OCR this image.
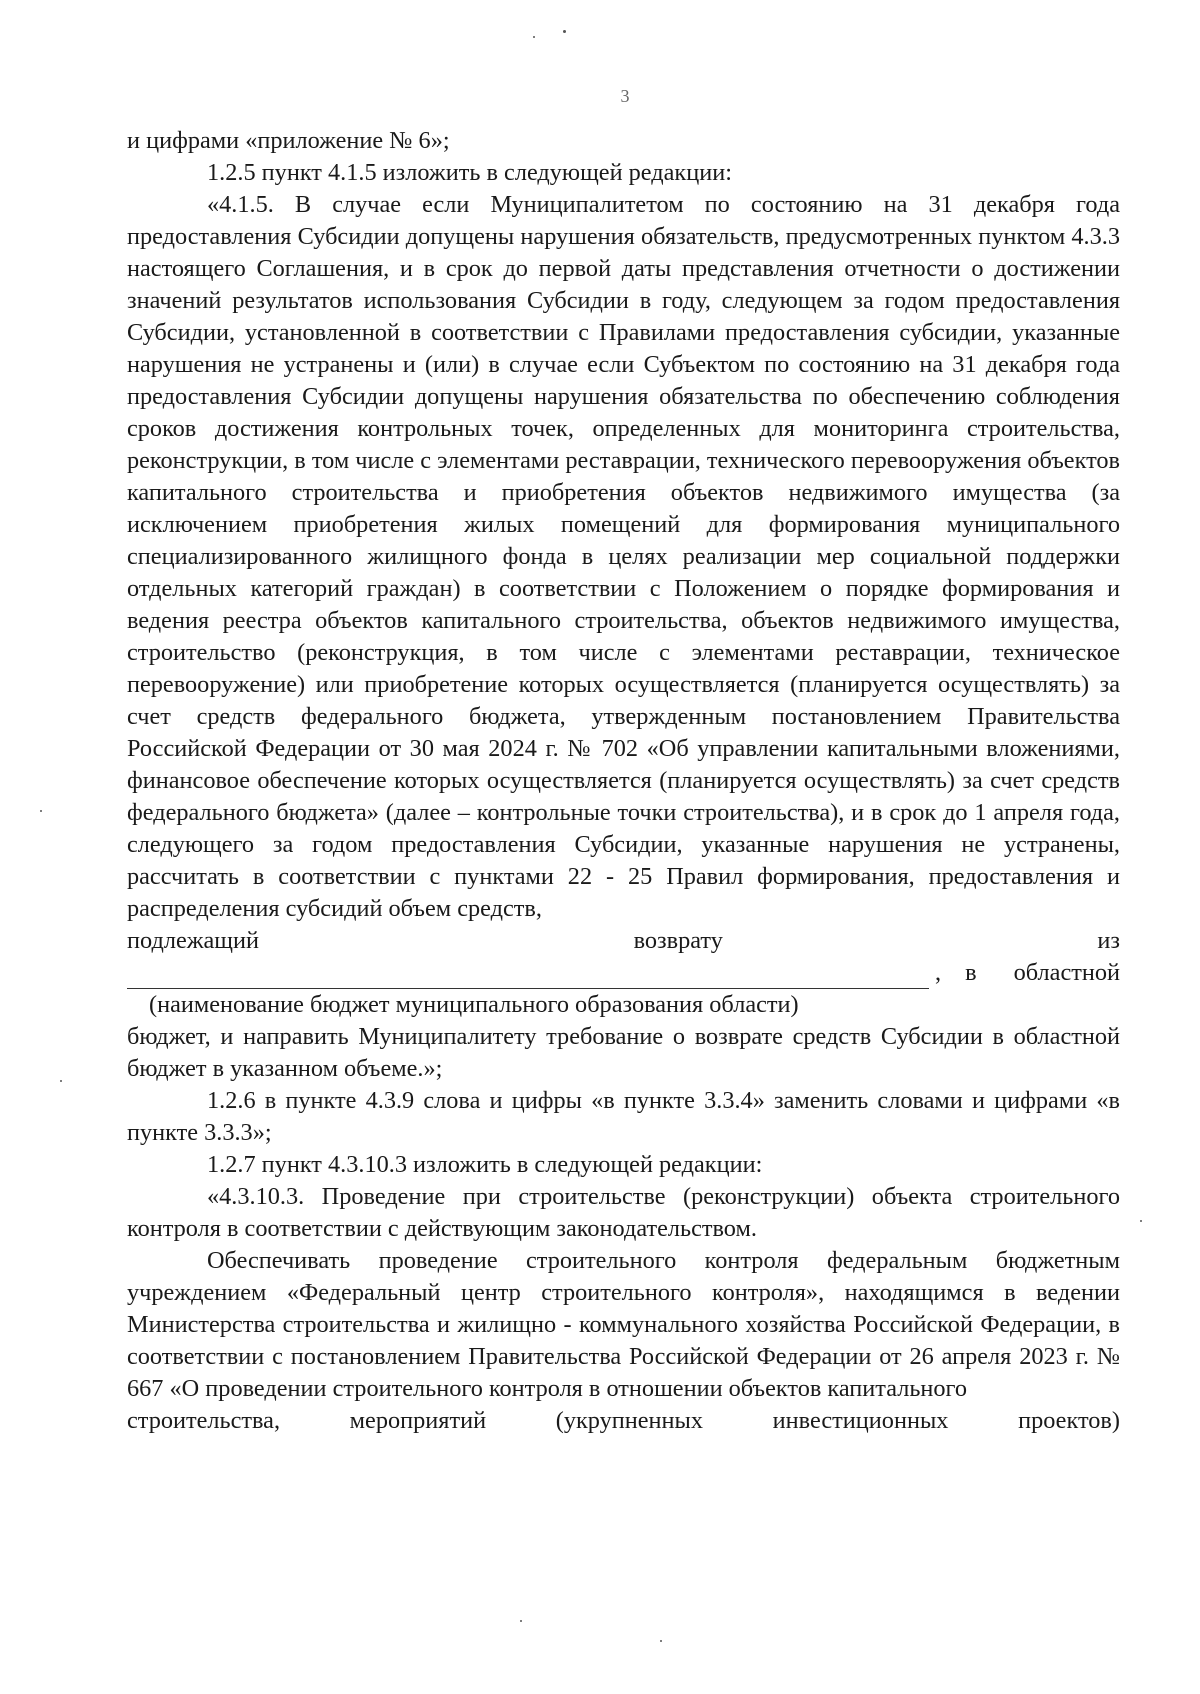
3

и цифрами «приложение № 6»;

1.2.5 пункт 4.1.5 изложить в следующей редакции:

«4.1.5. В случае если Муниципалитетом по состоянию на 31 декабря года предоставления Субсидии допущены нарушения обязательств, предусмотренных пунктом 4.3.3 настоящего Соглашения, и в срок до первой даты представления отчетности о достижении значений результатов использования Субсидии в году, следующем за годом предоставления Субсидии, установленной в соответствии с Правилами предоставления субсидии, указанные нарушения не устранены и (или) в случае если Субъектом по состоянию на 31 декабря года предоставления Субсидии допущены нарушения обязательства по обеспечению соблюдения сроков достижения контрольных точек, определенных для мониторинга строительства, реконструкции, в том числе с элементами реставрации, технического перевооружения объектов капитального строительства и приобретения объектов недвижимого имущества (за исключением приобретения жилых помещений для формирования муниципального специализированного жилищного фонда в целях реализации мер социальной поддержки отдельных категорий граждан) в соответствии с Положением о порядке формирования и ведения реестра объектов капитального строительства, объектов недвижимого имущества, строительство (реконструкция, в том числе с элементами реставрации, техническое перевооружение) или приобретение которых осуществляется (планируется осуществлять) за счет средств федерального бюджета, утвержденным постановлением Правительства Российской Федерации от 30 мая 2024 г. № 702 «Об управлении капитальными вложениями, финансовое обеспечение которых осуществляется (планируется осуществлять) за счет средств федерального бюджета» (далее – контрольные точки строительства), и в срок до 1 апреля года, следующего за годом предоставления Субсидии, указанные нарушения не устранены, рассчитать в соответствии с пунктами 22 - 25 Правил формирования, предоставления и распределения субсидий объем средств,

подлежащий	возврату	из
, в областной
(наименование бюджет муниципального образования области)

бюджет, и направить Муниципалитету требование о возврате средств Субсидии в областной бюджет в указанном объеме.»;

1.2.6 в пункте 4.3.9 слова и цифры «в пункте 3.3.4» заменить словами и цифрами «в пункте 3.3.3»;

1.2.7 пункт 4.3.10.3 изложить в следующей редакции:

«4.3.10.3. Проведение при строительстве (реконструкции) объекта строительного контроля в соответствии с действующим законодательством.

Обеспечивать проведение строительного контроля федеральным бюджетным учреждением «Федеральный центр строительного контроля», находящимся в ведении Министерства строительства и жилищно - коммунального хозяйства Российской Федерации, в соответствии с постановлением Правительства Российской Федерации от 26 апреля 2023 г. № 667 «О проведении строительного контроля в отношении объектов капитального

строительства,	мероприятий	(укрупненных	инвестиционных	проектов)
